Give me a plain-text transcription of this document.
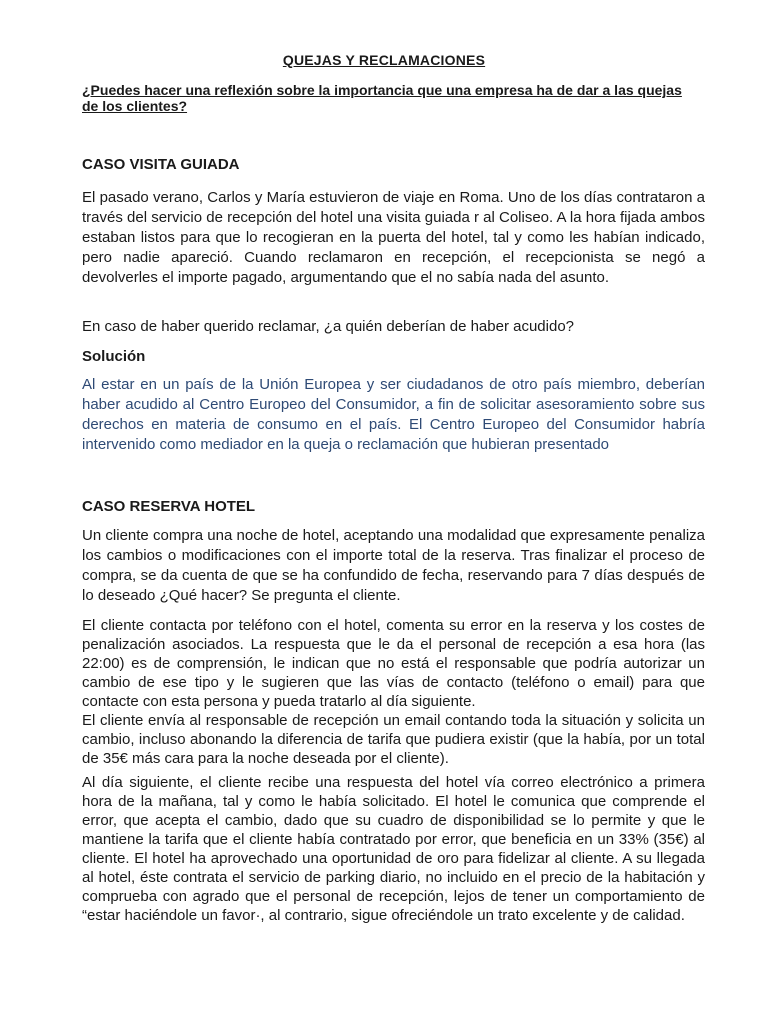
QUEJAS Y RECLAMACIONES
¿Puedes hacer una reflexión sobre la importancia que una empresa ha de dar a las quejas de los clientes?
CASO VISITA GUIADA
El pasado verano, Carlos y María estuvieron de viaje en Roma. Uno de los días contrataron a través del servicio de recepción del hotel una visita guiada r al Coliseo. A la hora fijada ambos estaban listos para que lo recogieran en la puerta del hotel, tal y como les habían indicado, pero nadie apareció. Cuando reclamaron en recepción, el recepcionista se negó a devolverles el importe pagado, argumentando que el no sabía nada del asunto.
En caso de haber querido reclamar, ¿a quién deberían de haber acudido?
Solución
Al estar en un país de la Unión Europea y ser ciudadanos de otro país miembro, deberían haber acudido al Centro Europeo del Consumidor, a fin de solicitar asesoramiento sobre sus derechos en materia de consumo en el país. El Centro Europeo del Consumidor habría intervenido como mediador en la queja o reclamación que hubieran presentado
CASO RESERVA HOTEL
Un cliente compra una noche de hotel, aceptando una modalidad que expresamente penaliza los cambios o modificaciones con el importe total de la reserva. Tras finalizar el proceso de compra, se da cuenta de que se ha confundido de fecha, reservando para 7 días después de lo deseado ¿Qué hacer? Se pregunta el cliente.
El cliente contacta por teléfono con el hotel, comenta su error en la reserva y los costes de penalización asociados. La respuesta que le da el personal de recepción a esa hora (las 22:00) es de comprensión, le indican que no está el responsable que podría autorizar un cambio de ese tipo y le sugieren que las vías de contacto (teléfono o email) para que contacte con esta persona y pueda tratarlo al día siguiente.
El cliente envía al responsable de recepción un email contando toda la situación y solicita un cambio, incluso abonando la diferencia de tarifa que pudiera existir (que la había, por un total de 35€ más cara para la noche deseada por el cliente).
Al día siguiente, el cliente recibe una respuesta del hotel vía correo electrónico a primera hora de la mañana, tal y como le había solicitado. El hotel le comunica que comprende el error, que acepta el cambio, dado que su cuadro de disponibilidad se lo permite y que le mantiene la tarifa que el cliente había contratado por error, que beneficia en un 33% (35€) al cliente. El hotel ha aprovechado una oportunidad de oro para fidelizar al cliente. A su llegada al hotel, éste contrata el servicio de parking diario, no incluido en el precio de la habitación y comprueba con agrado que el personal de recepción, lejos de tener un comportamiento de “estar haciéndole un favor·, al contrario, sigue ofreciéndole un trato excelente y de calidad.
